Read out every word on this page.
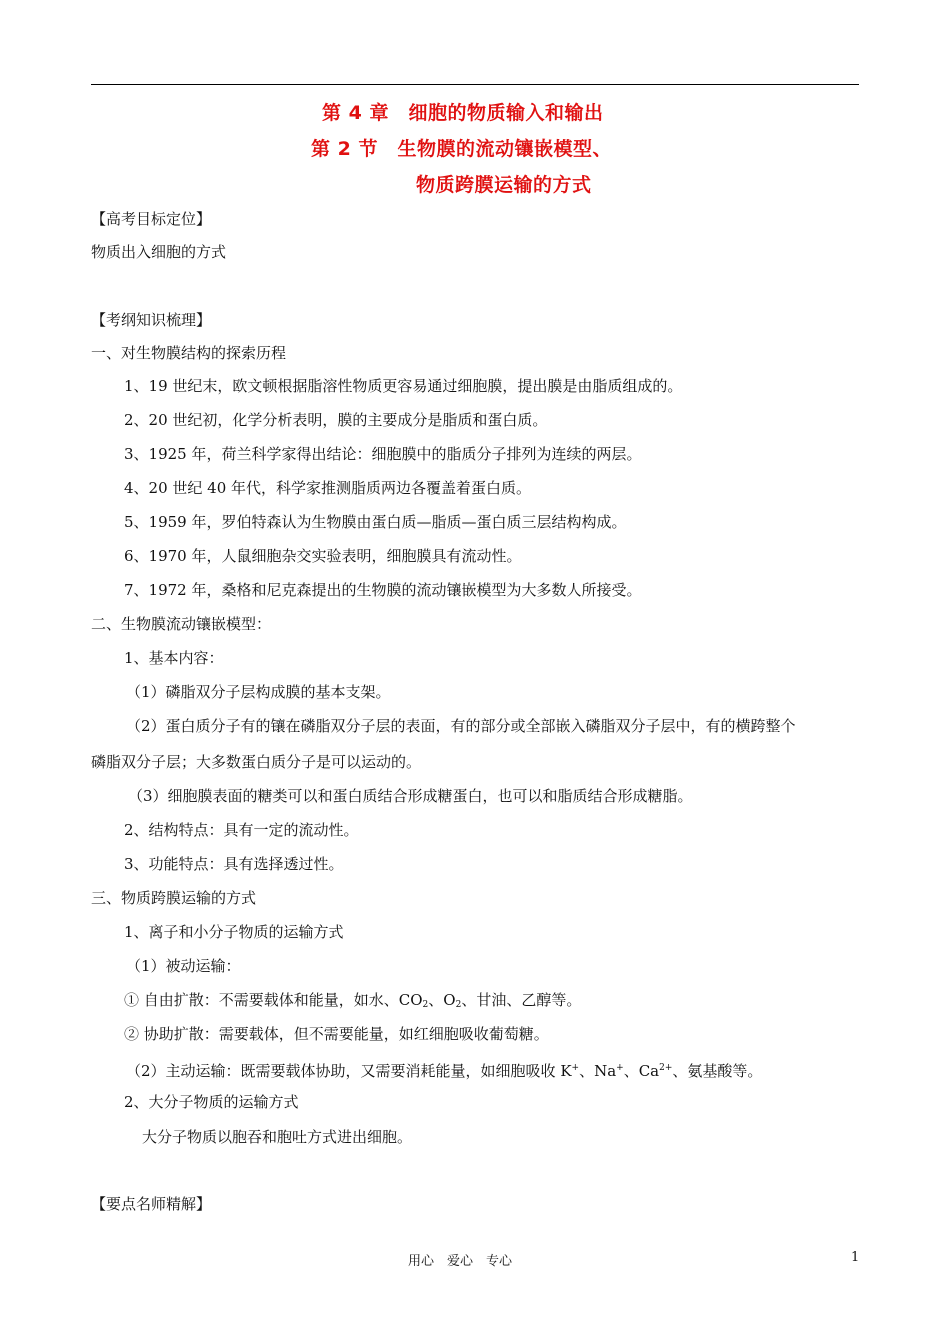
第 4 章　细胞的物质输入和输出
第 2 节　生物膜的流动镶嵌模型、
物质跨膜运输的方式
【高考目标定位】
物质出入细胞的方式
【考纲知识梳理】
一、对生物膜结构的探索历程
1、19 世纪末，欧文顿根据脂溶性物质更容易通过细胞膜，提出膜是由脂质组成的。
2、20 世纪初，化学分析表明，膜的主要成分是脂质和蛋白质。
3、1925 年，荷兰科学家得出结论：细胞膜中的脂质分子排列为连续的两层。
4、20 世纪 40 年代，科学家推测脂质两边各覆盖着蛋白质。
5、1959 年，罗伯特森认为生物膜由蛋白质—脂质—蛋白质三层结构构成。
6、1970 年，人鼠细胞杂交实验表明，细胞膜具有流动性。
7、1972 年，桑格和尼克森提出的生物膜的流动镶嵌模型为大多数人所接受。
二、生物膜流动镶嵌模型：
1、基本内容：
（1）磷脂双分子层构成膜的基本支架。
（2）蛋白质分子有的镶在磷脂双分子层的表面，有的部分或全部嵌入磷脂双分子层中，有的横跨整个
磷脂双分子层；大多数蛋白质分子是可以运动的。
（3）细胞膜表面的糖类可以和蛋白质结合形成糖蛋白，也可以和脂质结合形成糖脂。
2、结构特点：具有一定的流动性。
3、功能特点：具有选择透过性。
三、物质跨膜运输的方式
1、离子和小分子物质的运输方式
（1）被动运输：
① 自由扩散：不需要载体和能量，如水、$CO_2$、$O_2$、甘油、乙醇等。
② 协助扩散：需要载体，但不需要能量，如红细胞吸收葡萄糖。
（2）主动运输：既需要载体协助，又需要消耗能量，如细胞吸收 K+、Na+、$Ca^{2+}$、氨基酸等。
2、大分子物质的运输方式
大分子物质以胞吞和胞吐方式进出细胞。
【要点名师精解】
用心　爱心　专心	1
